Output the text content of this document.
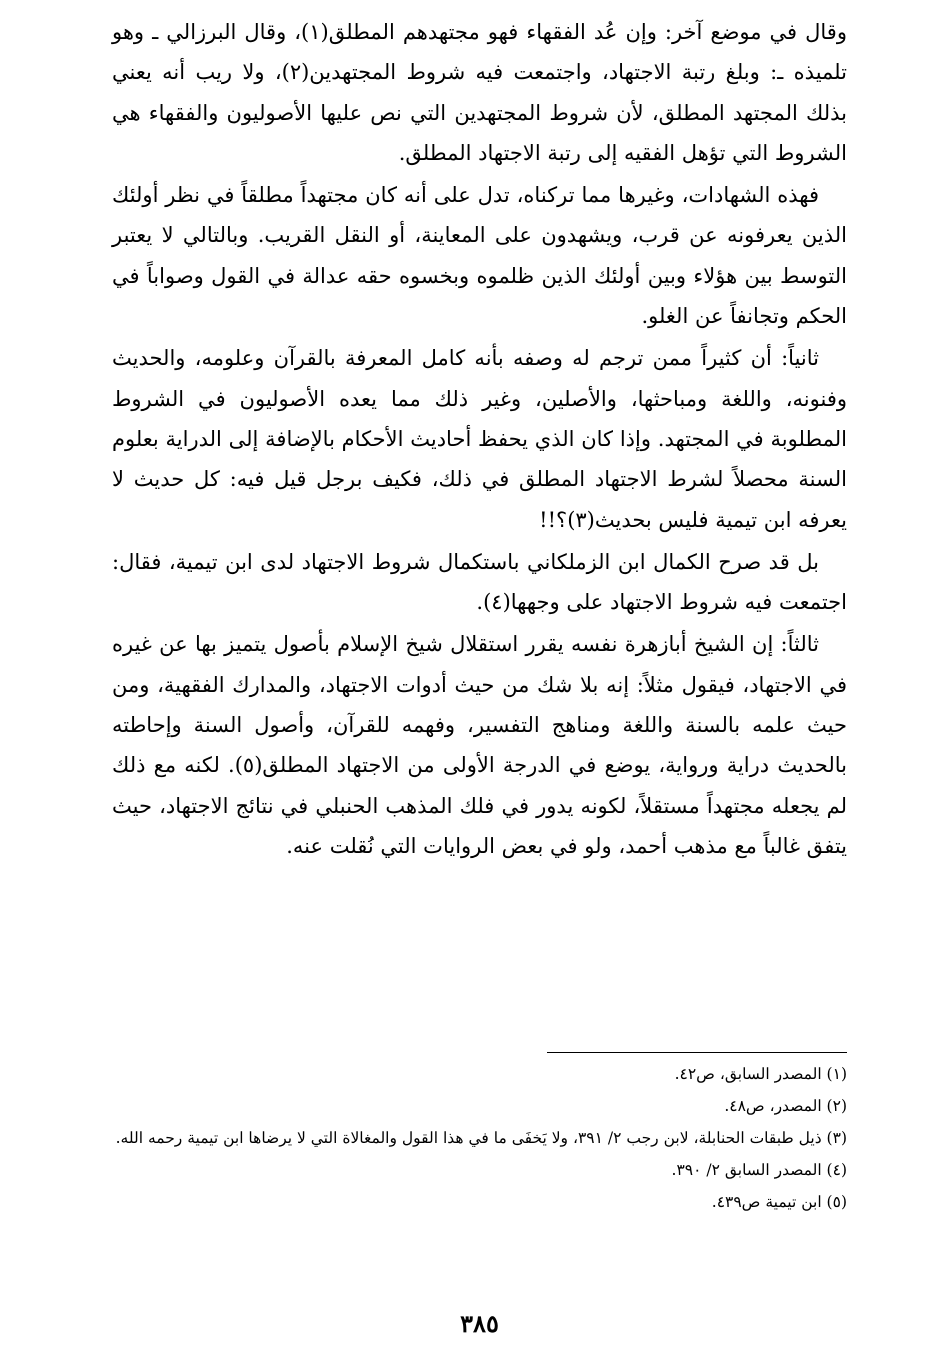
وقال في موضع آخر: وإن عُد الفقهاء فهو مجتهدهم المطلق(١)، وقال البرزالي ـ وهو تلميذه ـ: وبلغ رتبة الاجتهاد، واجتمعت فيه شروط المجتهدين(٢)، ولا ريب أنه يعني بذلك المجتهد المطلق، لأن شروط المجتهدين التي نص عليها الأصوليون والفقهاء هي الشروط التي تؤهل الفقيه إلى رتبة الاجتهاد المطلق.

فهذه الشهادات، وغيرها مما تركناه، تدل على أنه كان مجتهداً مطلقاً في نظر أولئك الذين يعرفونه عن قرب، ويشهدون على المعاينة، أو النقل القريب. وبالتالي لا يعتبر التوسط بين هؤلاء وبين أولئك الذين ظلموه وبخسوه حقه عدالة في القول وصواباً في الحكم وتجانفاً عن الغلو.

ثانياً: أن كثيراً ممن ترجم له وصفه بأنه كامل المعرفة بالقرآن وعلومه، والحديث وفنونه، واللغة ومباحثها، والأصلين، وغير ذلك مما يعده الأصوليون في الشروط المطلوبة في المجتهد. وإذا كان الذي يحفظ أحاديث الأحكام بالإضافة إلى الدراية بعلوم السنة محصلاً لشرط الاجتهاد المطلق في ذلك، فكيف برجل قيل فيه: كل حديث لا يعرفه ابن تيمية فليس بحديث(٣)؟!!

بل قد صرح الكمال ابن الزملكاني باستكمال شروط الاجتهاد لدى ابن تيمية، فقال: اجتمعت فيه شروط الاجتهاد على وجهها(٤).

ثالثاً: إن الشيخ أبازهرة نفسه يقرر استقلال شيخ الإسلام بأصول يتميز بها عن غيره في الاجتهاد، فيقول مثلاً: إنه بلا شك من حيث أدوات الاجتهاد، والمدارك الفقهية، ومن حيث علمه بالسنة واللغة ومناهج التفسير، وفهمه للقرآن، وأصول السنة وإحاطته بالحديث دراية ورواية، يوضع في الدرجة الأولى من الاجتهاد المطلق(٥). لكنه مع ذلك لم يجعله مجتهداً مستقلاً، لكونه يدور في فلك المذهب الحنبلي في نتائج الاجتهاد، حيث يتفق غالباً مع مذهب أحمد، ولو في بعض الروايات التي نُقلت عنه.

(١) المصدر السابق، ص٤٢.
(٢) المصدر، ص٤٨.
(٣) ذيل طبقات الحنابلة، لابن رجب ٢/ ٣٩١، ولا يَخفَى ما في هذا القول والمغالاة التي لا يرضاها ابن تيمية رحمه الله.
(٤) المصدر السابق ٢/ ٣٩٠.
(٥) ابن تيمية ص٤٣٩.
٣٨٥
